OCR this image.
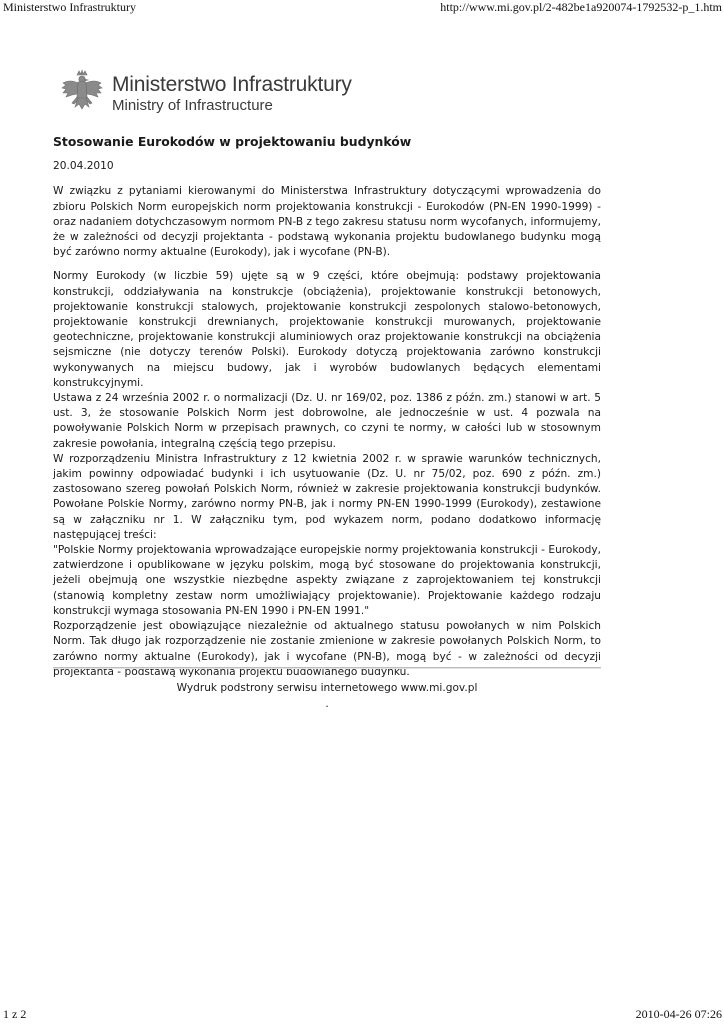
Ministerstwo Infrastruktury	http://www.mi.gov.pl/2-482be1a920074-1792532-p_1.htm
Ministerstwo Infrastruktury
Ministry of Infrastructure
Stosowanie Eurokodów w projektowaniu budynków
20.04.2010

W związku z pytaniami kierowanymi do Ministerstwa Infrastruktury dotyczącymi wprowadzenia do zbioru Polskich Norm europejskich norm projektowania konstrukcji - Eurokodów (PN-EN 1990-1999) - oraz nadaniem dotychczasowym normom PN-B z tego zakresu statusu norm wycofanych, informujemy, że w zależności od decyzji projektanta - podstawą wykonania projektu budowlanego budynku mogą być zarówno normy aktualne (Eurokody), jak i wycofane (PN-B).

Normy Eurokody (w liczbie 59) ujęte są w 9 części, które obejmują: podstawy projektowania konstrukcji, oddziaływania na konstrukcje (obciążenia), projektowanie konstrukcji betonowych, projektowanie konstrukcji stalowych, projektowanie konstrukcji zespolonych stalowo-betonowych, projektowanie konstrukcji drewnianych, projektowanie konstrukcji murowanych, projektowanie geotechniczne, projektowanie konstrukcji aluminiowych oraz projektowanie konstrukcji na obciążenia sejsmiczne (nie dotyczy terenów Polski). Eurokody dotyczą projektowania zarówno konstrukcji wykonywanych na miejscu budowy, jak i wyrobów budowlanych będących elementami konstrukcyjnymi.

Ustawa z 24 września 2002 r. o normalizacji (Dz. U. nr 169/02, poz. 1386 z późn. zm.) stanowi w art. 5 ust. 3, że stosowanie Polskich Norm jest dobrowolne, ale jednocześnie w ust. 4 pozwala na powoływanie Polskich Norm w przepisach prawnych, co czyni te normy, w całości lub w stosownym zakresie powołania, integralną częścią tego przepisu.

W rozporządzeniu Ministra Infrastruktury z 12 kwietnia 2002 r. w sprawie warunków technicznych, jakim powinny odpowiadać budynki i ich usytuowanie (Dz. U. nr 75/02, poz. 690 z późn. zm.) zastosowano szereg powołań Polskich Norm, również w zakresie projektowania konstrukcji budynków. Powołane Polskie Normy, zarówno normy PN-B, jak i normy PN-EN 1990-1999 (Eurokody), zestawione są w załączniku nr 1. W załączniku tym, pod wykazem norm, podano dodatkowo informację następującej treści:

"Polskie Normy projektowania wprowadzające europejskie normy projektowania konstrukcji - Eurokody, zatwierdzone i opublikowane w języku polskim, mogą być stosowane do projektowania konstrukcji, jeżeli obejmują one wszystkie niezbędne aspekty związane z zaprojektowaniem tej konstrukcji (stanowią kompletny zestaw norm umożliwiający projektowanie). Projektowanie każdego rodzaju konstrukcji wymaga stosowania PN-EN 1990 i PN-EN 1991."

Rozporządzenie jest obowiązujące niezależnie od aktualnego statusu powołanych w nim Polskich Norm. Tak długo jak rozporządzenie nie zostanie zmienione w zakresie powołanych Polskich Norm, to zarówno normy aktualne (Eurokody), jak i wycofane (PN-B), mogą być - w zależności od decyzji projektanta - podstawą wykonania projektu budowlanego budynku.

Wydruk podstrony serwisu internetowego www.mi.gov.pl
.
1 z 2	2010-04-26 07:26
